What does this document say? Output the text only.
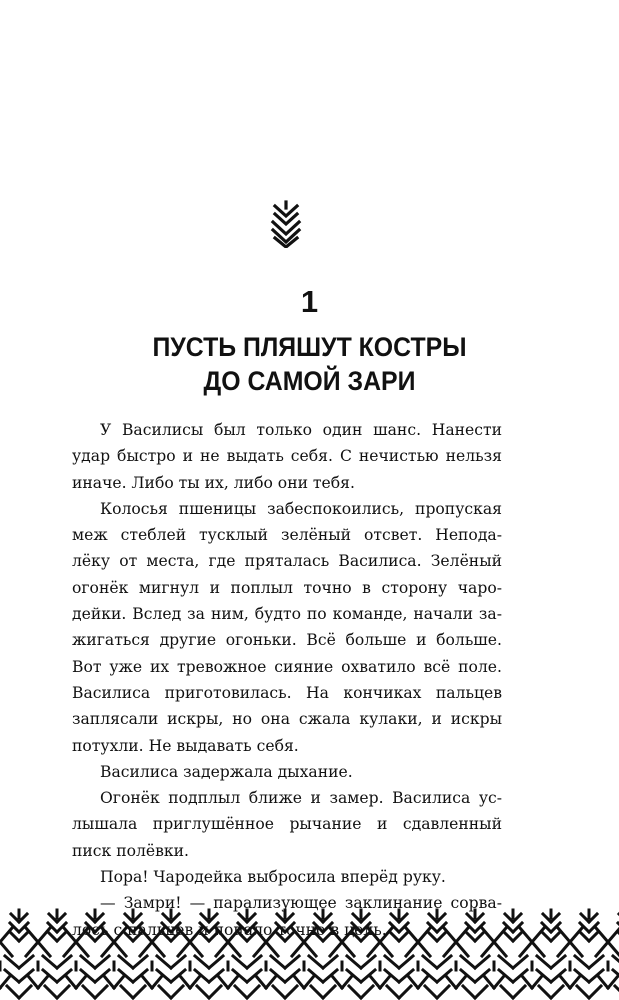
1
ПУСТЬ ПЛЯШУТ КОСТРЫ
ДО САМОЙ ЗАРИ

У Василисы был только один шанс. Нанести
удар быстро и не выдать себя. С нечистью нельзя
иначе. Либо ты их, либо они тебя.

Колосья пшеницы забеспокоились, пропуская
меж стеблей тусклый зелёный отсвет. Непода-
лёку от места, где пряталась Василиса. Зелёный
огонёк мигнул и поплыл точно в сторону чаро-
дейки. Вслед за ним, будто по команде, начали за-
жигаться другие огоньки. Всё больше и больше.
Вот уже их тревожное сияние охватило всё поле.
Василиса приготовилась. На кончиках пальцев
заплясали искры, но она сжала кулаки, и искры
потухли. Не выдавать себя.

Василиса задержала дыхание.

Огонёк подплыл ближе и замер. Василиса ус-
лышала приглушённое рычание и сдавленный
писк полёвки.

Пора! Чародейка выбросила вперёд руку.

— Замри! — парализующее заклинание сорва-
лось с пальцев и попало точно в цель.
